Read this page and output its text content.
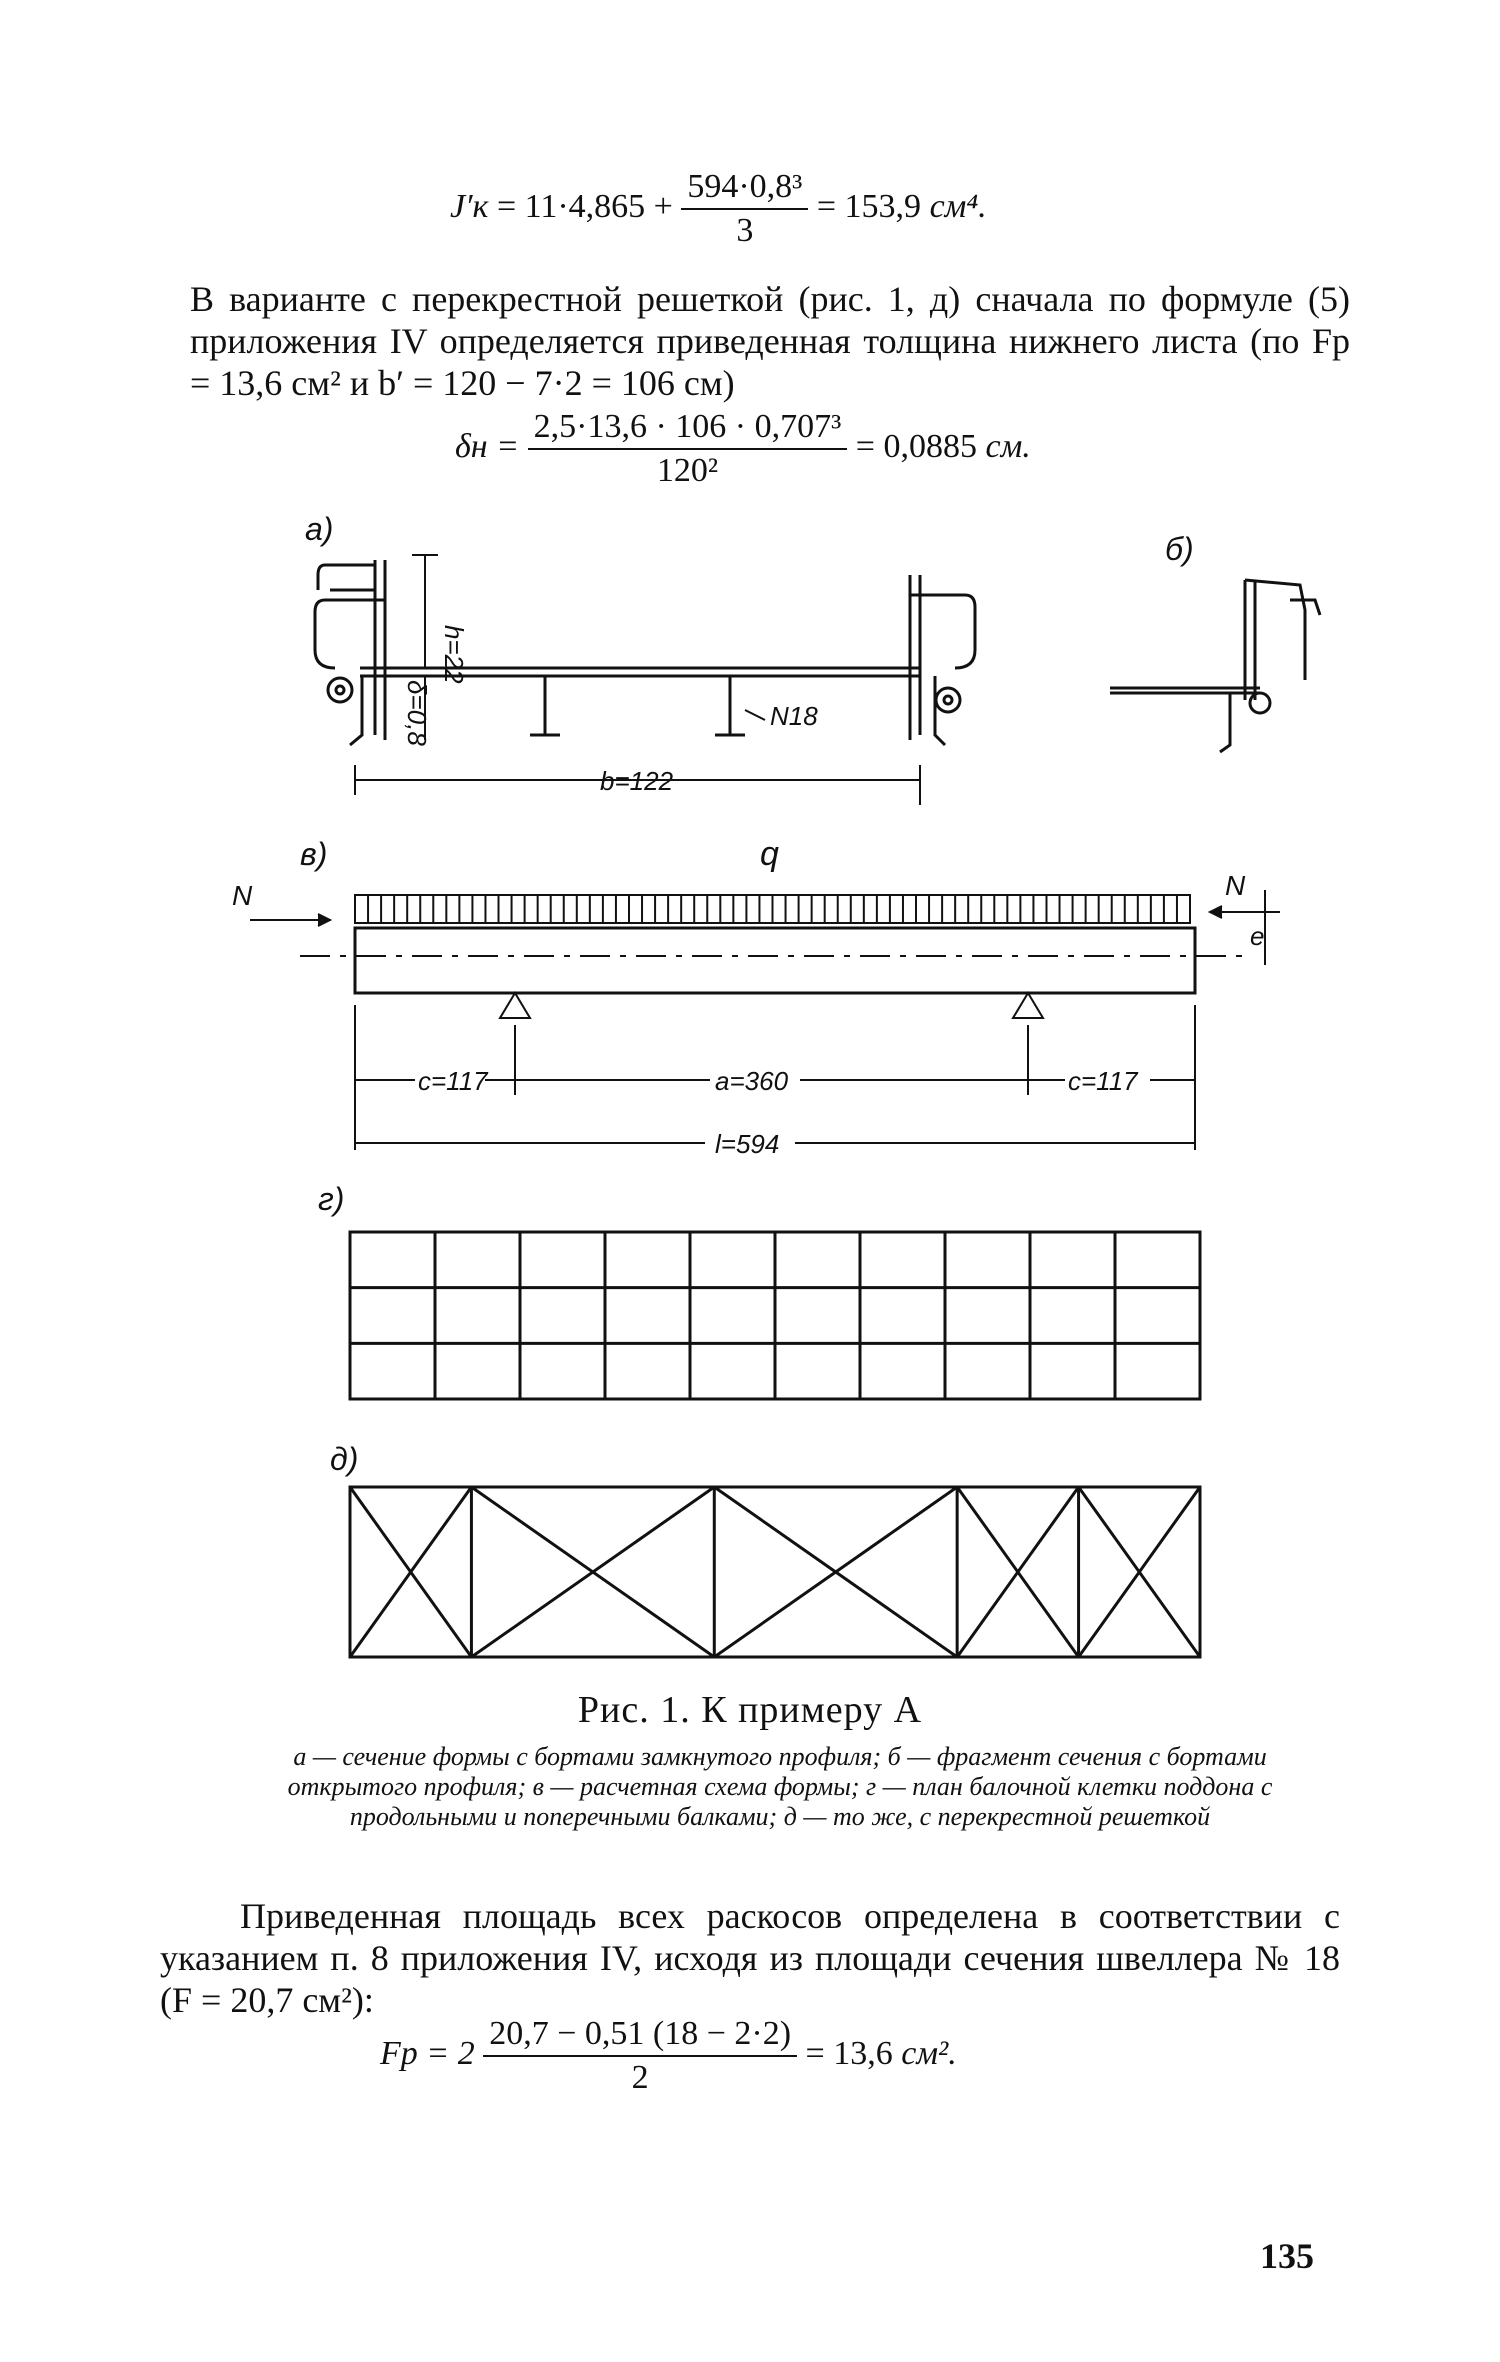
$J'к = 11\cdot 4,865 + \frac{\text{594·0,8³}}{3} = 153,9$ см⁴.
В варианте с перекрестной решеткой (рис. 1, д) сначала по формуле (5) приложения IV определяется приведенная толщина нижнего листа (по Fр = 13,6 см² и b′ = 120 − 7·2 = 106 см)
$\delta н = \frac{\text{2,5·13,6 · 106 · 0,707³}}{\text{120²}} = 0,0885$ см.
а)
h=22
δ=0,8	N18
b=122
б)
в)	q
N	N
e
c=117	a=360	c=117
l=594
г)
д)
Рис. 1. К примеру А
а — сечение формы с бортами замкнутого профиля; б — фрагмент сечения с бортами открытого профиля; в — расчетная схема формы; г — план балочной клетки поддона с продольными и поперечными балками; д — то же, с перекрестной решеткой
Приведенная площадь всех раскосов определена в соответствии с указанием п. 8 приложения IV, исходя из площади сечения швеллера № 18 (F = 20,7 см²):
Fр = $2 \frac{20,7 - 0,51 (18 - 2\cdot 2)}{2} = 13,6$ см².
135
